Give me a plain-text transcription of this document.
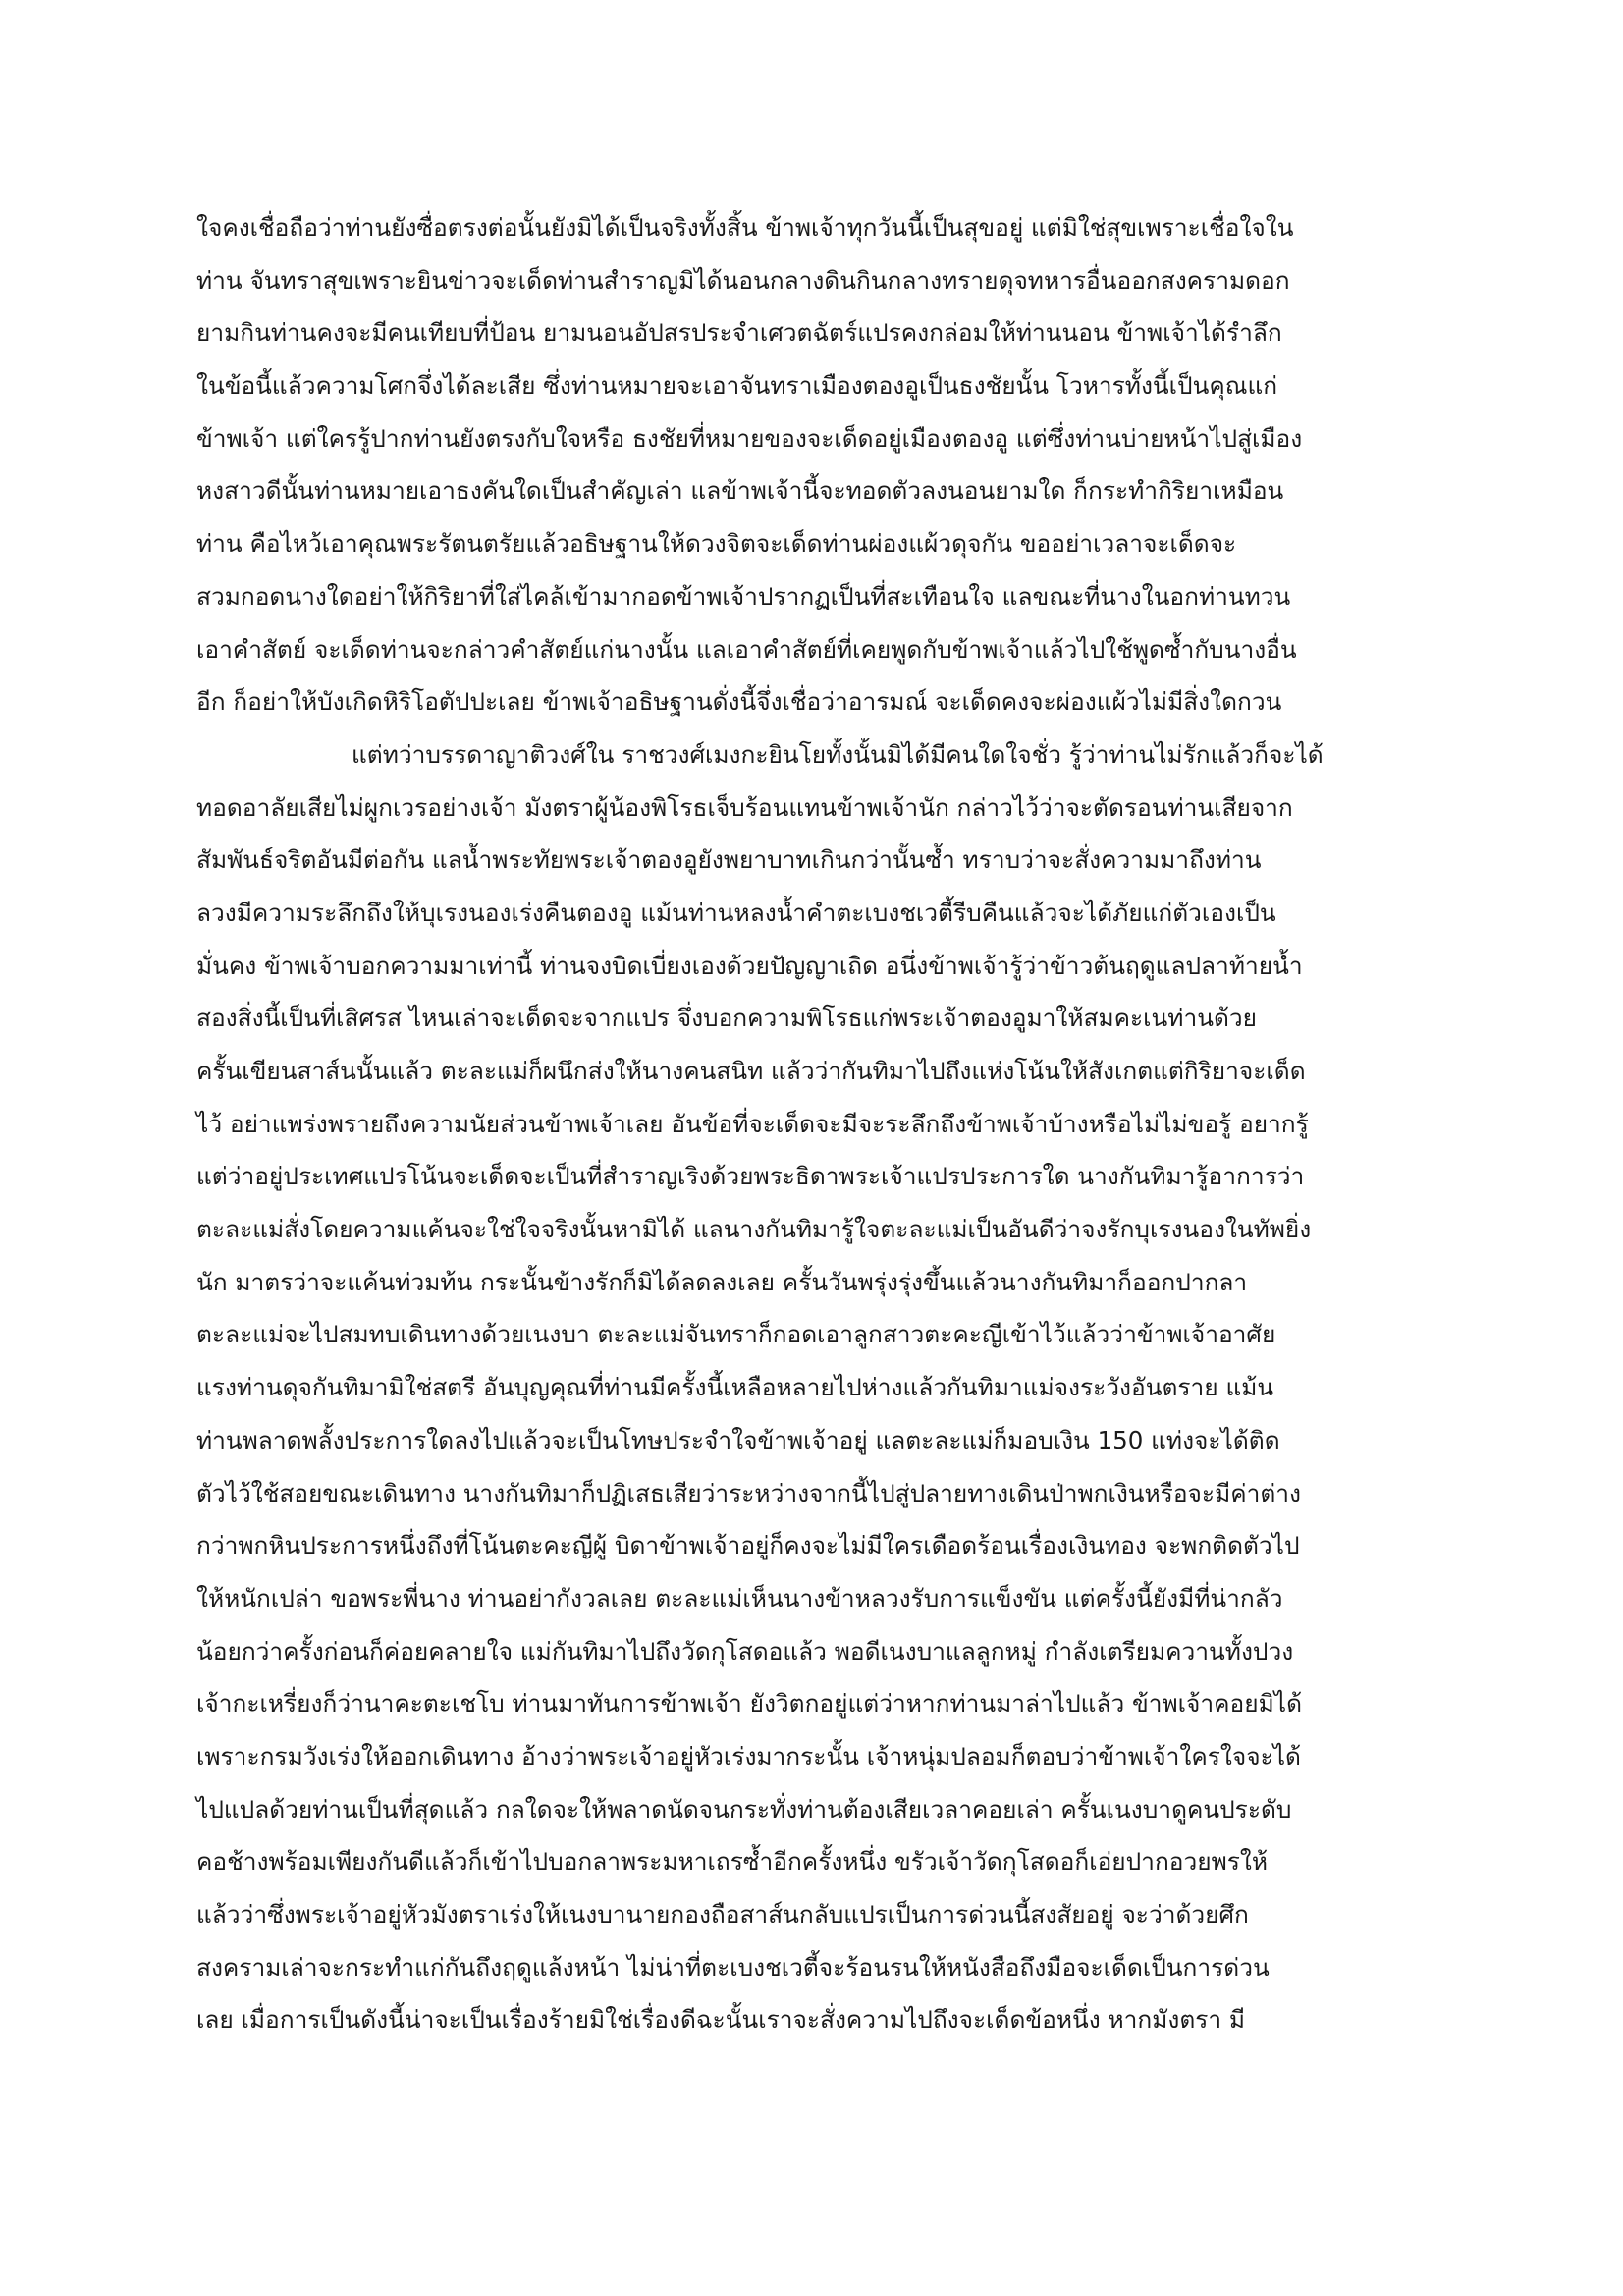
ใจคงเชื่อถือว่าท่านยังซื่อตรงต่อนั้นยังมิได้เป็นจริงทั้งสิ้น ข้าพเจ้าทุกวันนี้เป็นสุขอยู่ แต่มิใช่สุขเพราะเชื่อใจใน
ท่าน จันทราสุขเพราะยินข่าวจะเด็ดท่านสำราญมิได้นอนกลางดินกินกลางทรายดุจทหารอื่นออกสงครามดอก
ยามกินท่านคงจะมีคนเทียบที่ป้อน ยามนอนอัปสรประจำเศวตฉัตร์แปรคงกล่อมให้ท่านนอน ข้าพเจ้าได้รำลึก
ในข้อนี้แล้วความโศกจึ่งได้ละเสีย ซึ่งท่านหมายจะเอาจันทราเมืองตองอูเป็นธงชัยนั้น โวหารทั้งนี้เป็นคุณแก่
ข้าพเจ้า แต่ใครรู้ปากท่านยังตรงกับใจหรือ ธงชัยที่หมายของจะเด็ดอยู่เมืองตองอู แต่ซึ่งท่านบ่ายหน้าไปสู่เมือง
หงสาวดีนั้นท่านหมายเอาธงคันใดเป็นสำคัญเล่า แลข้าพเจ้านี้จะทอดตัวลงนอนยามใด ก็กระทำกิริยาเหมือน
ท่าน คือไหว้เอาคุณพระรัตนตรัยแล้วอธิษฐานให้ดวงจิตจะเด็ดท่านผ่องแผ้วดุจกัน ขออย่าเวลาจะเด็ดจะ
สวมกอดนางใดอย่าให้กิริยาที่ใส่ไคล้เข้ามากอดข้าพเจ้าปรากฏเป็นที่สะเทือนใจ แลขณะที่นางในอกท่านทวน
เอาคำสัตย์ จะเด็ดท่านจะกล่าวคำสัตย์แก่นางนั้น แลเอาคำสัตย์ที่เคยพูดกับข้าพเจ้าแล้วไปใช้พูดซ้ำกับนางอื่น
อีก ก็อย่าให้บังเกิดหิริโอตัปปะเลย ข้าพเจ้าอธิษฐานดั่งนี้จึ่งเชื่อว่าอารมณ์ จะเด็ดคงจะผ่องแผ้วไม่มีสิ่งใดกวน
แต่ทว่าบรรดาญาติวงศ์ใน ราชวงศ์เมงกะยินโยทั้งนั้นมิได้มีคนใดใจชั่ว รู้ว่าท่านไม่รักแล้วก็จะได้
ทอดอาลัยเสียไม่ผูกเวรอย่างเจ้า มังตราผู้น้องพิโรธเจ็บร้อนแทนข้าพเจ้านัก กล่าวไว้ว่าจะตัดรอนท่านเสียจาก
สัมพันธ์จริตอันมีต่อกัน แลน้ำพระทัยพระเจ้าตองอูยังพยาบาทเกินกว่านั้นซ้ำ ทราบว่าจะสั่งความมาถึงท่าน
ลวงมีความระลึกถึงให้บุเรงนองเร่งคืนตองอู แม้นท่านหลงน้ำคำตะเบงชเวตี้รีบคืนแล้วจะได้ภัยแก่ตัวเองเป็น
มั่นคง ข้าพเจ้าบอกความมาเท่านี้ ท่านจงบิดเบี่ยงเองด้วยปัญญาเถิด อนึ่งข้าพเจ้ารู้ว่าข้าวต้นฤดูแลปลาท้ายน้ำ
สองสิ่งนี้เป็นที่เสิศรส ไหนเล่าจะเด็ดจะจากแปร จึ่งบอกความพิโรธแก่พระเจ้าตองอูมาให้สมคะเนท่านด้วย
ครั้นเขียนสาส์นนั้นแล้ว ตะละแม่ก็ผนึกส่งให้นางคนสนิท แล้วว่ากันทิมาไปถึงแห่งโน้นให้สังเกตแต่กิริยาจะเด็ด
ไว้ อย่าแพร่งพรายถึงความนัยส่วนข้าพเจ้าเลย อันข้อที่จะเด็ดจะมีจะระลึกถึงข้าพเจ้าบ้างหรือไม่ไม่ขอรู้ อยากรู้
แต่ว่าอยู่ประเทศแปรโน้นจะเด็ดจะเป็นที่สำราญเริงด้วยพระธิดาพระเจ้าแปรประการใด นางกันทิมารู้อาการว่า
ตะละแม่สั่งโดยความแค้นจะใช่ใจจริงนั้นหามิได้ แลนางกันทิมารู้ใจตะละแม่เป็นอันดีว่าจงรักบุเรงนองในทัพยิ่ง
นัก มาตรว่าจะแค้นท่วมท้น กระนั้นข้างรักก็มิได้ลดลงเลย ครั้นวันพรุ่งรุ่งขึ้นแล้วนางกันทิมาก็ออกปากลา
ตะละแม่จะไปสมทบเดินทางด้วยเนงบา ตะละแม่จันทราก็กอดเอาลูกสาวตะคะญีเข้าไว้แล้วว่าข้าพเจ้าอาศัย
แรงท่านดุจกันทิมามิใช่สตรี อันบุญคุณที่ท่านมีครั้งนี้เหลือหลายไปห่างแล้วกันทิมาแม่จงระวังอันตราย แม้น
ท่านพลาดพลั้งประการใดลงไปแล้วจะเป็นโทษประจำใจข้าพเจ้าอยู่ แลตะละแม่ก็มอบเงิน 150 แท่งจะได้ติด
ตัวไว้ใช้สอยขณะเดินทาง นางกันทิมาก็ปฏิเสธเสียว่าระหว่างจากนี้ไปสู่ปลายทางเดินป่าพกเงินหรือจะมีค่าต่าง
กว่าพกหินประการหนึ่งถึงที่โน้นตะคะญีผู้ บิดาข้าพเจ้าอยู่ก็คงจะไม่มีใครเดือดร้อนเรื่องเงินทอง จะพกติดตัวไป
ให้หนักเปล่า ขอพระพี่นาง ท่านอย่ากังวลเลย ตะละแม่เห็นนางข้าหลวงรับการแข็งขัน แต่ครั้งนี้ยังมีที่น่ากลัว
น้อยกว่าครั้งก่อนก็ค่อยคลายใจ แม่กันทิมาไปถึงวัดกุโสดอแล้ว พอดีเนงบาแลลูกหมู่ กำลังเตรียมควานทั้งปวง
เจ้ากะเหรี่ยงก็ว่านาคะตะเชโบ ท่านมาทันการข้าพเจ้า ยังวิตกอยู่แต่ว่าหากท่านมาล่าไปแล้ว ข้าพเจ้าคอยมิได้
เพราะกรมวังเร่งให้ออกเดินทาง อ้างว่าพระเจ้าอยู่หัวเร่งมากระนั้น เจ้าหนุ่มปลอมก็ตอบว่าข้าพเจ้าใครใจจะได้
ไปแปลด้วยท่านเป็นที่สุดแล้ว กลใดจะให้พลาดนัดจนกระทั่งท่านต้องเสียเวลาคอยเล่า ครั้นเนงบาดูคนประดับ
คอช้างพร้อมเพียงกันดีแล้วก็เข้าไปบอกลาพระมหาเถรซ้ำอีกครั้งหนึ่ง ขรัวเจ้าวัดกุโสดอก็เอ่ยปากอวยพรให้
แล้วว่าซึ่งพระเจ้าอยู่หัวมังตราเร่งให้เนงบานายกองถือสาส์นกลับแปรเป็นการด่วนนี้สงสัยอยู่ จะว่าด้วยศึก
สงครามเล่าจะกระทำแก่กันถึงฤดูแล้งหน้า ไม่น่าที่ตะเบงชเวตี้จะร้อนรนให้หนังสือถึงมือจะเด็ดเป็นการด่วน
เลย เมื่อการเป็นดังนี้น่าจะเป็นเรื่องร้ายมิใช่เรื่องดีฉะนั้นเราจะสั่งความไปถึงจะเด็ดข้อหนึ่ง หากมังตรา มี
